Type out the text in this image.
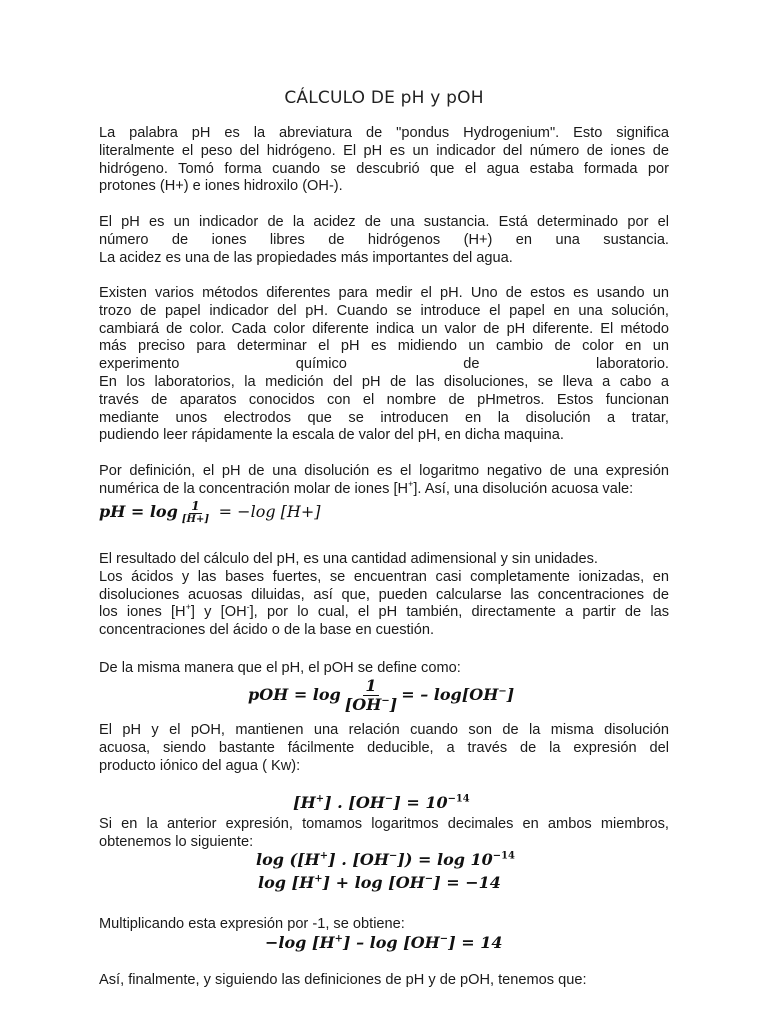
CÁLCULO DE pH y pOH

La palabra pH es la abreviatura de "pondus Hydrogenium". Esto significa
literalmente el peso del hidrógeno. El pH es un indicador del número de iones de
hidrógeno. Tomó forma cuando se descubrió que el agua estaba formada por
protones (H+) e iones hidroxilo (OH-).

El pH es un indicador de la acidez de una sustancia. Está determinado por el
número de iones libres de hidrógenos (H+) en una sustancia.
La acidez es una de las propiedades más importantes del agua.

Existen varios métodos diferentes para medir el pH. Uno de estos es usando un
trozo de papel indicador del pH. Cuando se introduce el papel en una solución,
cambiará de color. Cada color diferente indica un valor de pH diferente. El método
más preciso para determinar el pH es midiendo un cambio de color en un
experimento químico de laboratorio.
En los laboratorios, la medición del pH de las disoluciones, se lleva a cabo a
través de aparatos conocidos con el nombre de pHmetros. Estos funcionan
mediante unos electrodos que se introducen en la disolución a tratar,
pudiendo leer rápidamente la escala de valor del pH, en dicha maquina.

Por definición, el pH de una disolución es el logaritmo negativo de una expresión
numérica de la concentración molar de iones [H+]. Así, una disolución acuosa vale:

pH = $\log \frac{1}{[H+]} = -\log$ [H+]

El resultado del cálculo del pH, es una cantidad adimensional y sin unidades.
Los ácidos y las bases fuertes, se encuentran casi completamente ionizadas, en
disoluciones acuosas diluidas, así que, pueden calcularse las concentraciones de
los iones [H+] y [OH-], por lo cual, el pH también, directamente a partir de las
concentraciones del ácido o de la base en cuestión.

De la misma manera que el pH, el pOH se define como:

pOH = $\log \frac{1}{[OH^-]}$ = – log[OH−]

El pH y el pOH, mantienen una relación cuando son de la misma disolución
acuosa, siendo bastante fácilmente deducible, a través de la expresión del
producto iónico del agua ( Kw):

[H+] . $[OH^-] = 10^{-14}$

Si en la anterior expresión, tomamos logaritmos decimales en ambos miembros,
obtenemos lo siguiente:

log ([H+] . $[OH^-]) = \log 10^{-14}$
log [H+] + log [OH−] = −14

Multiplicando esta expresión por -1, se obtiene:

−log [H+] – log [OH−] = 14

Así, finalmente, y siguiendo las definiciones de pH y de pOH, tenemos que:
